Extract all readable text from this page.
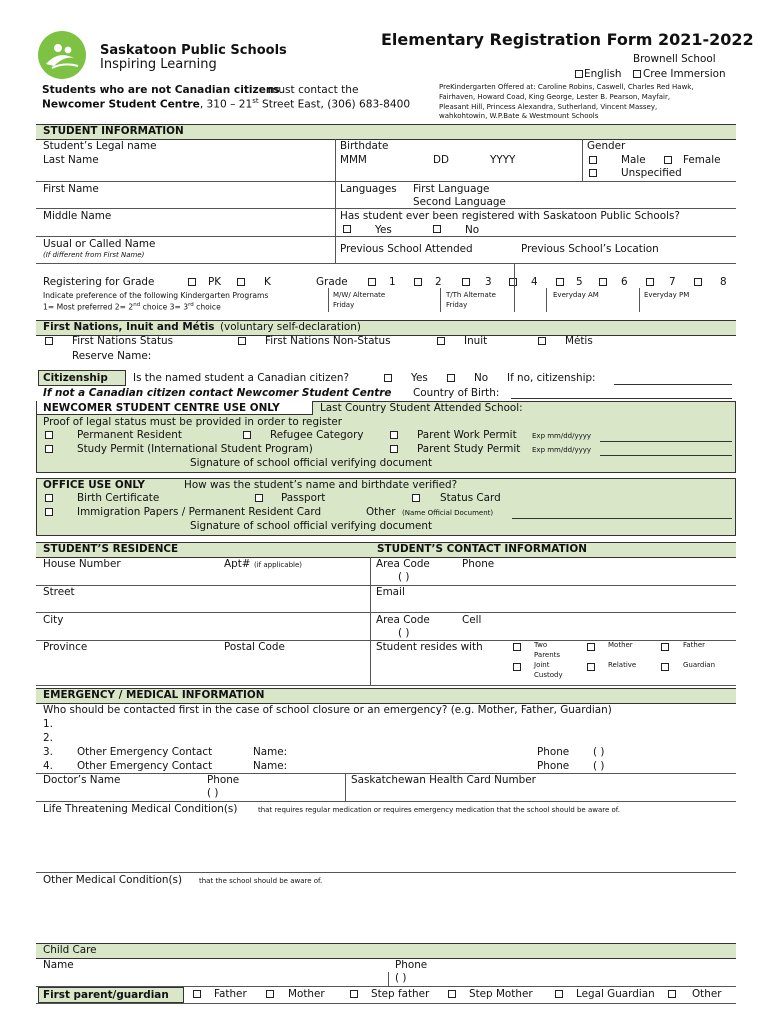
Saskatoon Public Schools
Inspiring Learning
Elementary Registration Form 2021-2022
Brownell School
English Cree Immersion
Students who are not Canadian citizens
must contact the
Newcomer Student Centre, 310 – 21st Street East, (306) 683-8400
PreKindergarten Offered at: Caroline Robins, Caswell, Charles Red Hawk,
Fairhaven, Howard Coad, King George, Lester B. Pearson, Mayfair,
Pleasant Hill, Princess Alexandra, Sutherland, Vincent Massey,
wahkohtowin, W.P.Bate & Westmount Schools
STUDENT INFORMATION
Student’s Legal name
Last Name
First Name
Middle Name
Usual or Called Name
(If different from First Name)
Birthdate
MMM	DD	YYYY
Gender
Male	Female
Unspecified
Languages First Language
Second Language
Has student ever been registered with Saskatoon Public Schools?
Yes	No
Previous School Attended	Previous School’s Location
Registering for Grade	PK	K	Grade	1	2	3	4	5	6	7	8
Indicate preference of the following Kindergarten Programs
1= Most preferred 2= 2nd choice 3= 3rd choice
M/W/ Alternate
Friday
T/Th Alternate
Friday
Everyday AM	Everyday PM
First Nations, Inuit and Métis (voluntary self-declaration)
First Nations Status	First Nations Non-Status	Inuit	Métis
Reserve Name:
Citizenship Is the named student a Canadian citizen?	Yes	No If no, citizenship:
If not a Canadian citizen contact Newcomer Student Centre Country of Birth:
NEWCOMER STUDENT CENTRE USE ONLY	Last Country Student Attended School:
Proof of legal status must be provided in order to register
Permanent Resident	Refugee Category	Parent Work Permit Exp mm/dd/yyyy
Study Permit (International Student Program)	Parent Study Permit Exp mm/dd/yyyy
Signature of school official verifying document
OFFICE USE ONLY	How was the student’s name and birthdate verified?
Birth Certificate	Passport	Status Card
Immigration Papers / Permanent Resident Card	Other (Name Official Document)
Signature of school official verifying document
STUDENT’S RESIDENCE	STUDENT’S CONTACT INFORMATION
House Number	Apt# (if applicable)
Street
City
Province	Postal Code
Area Code	Phone
( )
Email
Area Code	Cell
( )
Student resides with	Two
Parents
Mother	Father
Joint
Custody
Relative	Guardian
EMERGENCY / MEDICAL INFORMATION
Who should be contacted first in the case of school closure or an emergency? (e.g. Mother, Father, Guardian)
1.
2.
3. Other Emergency Contact	Name:	Phone ( )
4. Other Emergency Contact	Name:	Phone ( )
Doctor’s Name	Phone
( )
Saskatchewan Health Card Number
Life Threatening Medical Condition(s)	that requires regular medication or requires emergency medication that the school should be aware of.
Other Medical Condition(s) that the school should be aware of.
Child Care
Name	Phone
( )
First parent/guardian	Father	Mother	Step father	Step Mother	Legal Guardian	Other
